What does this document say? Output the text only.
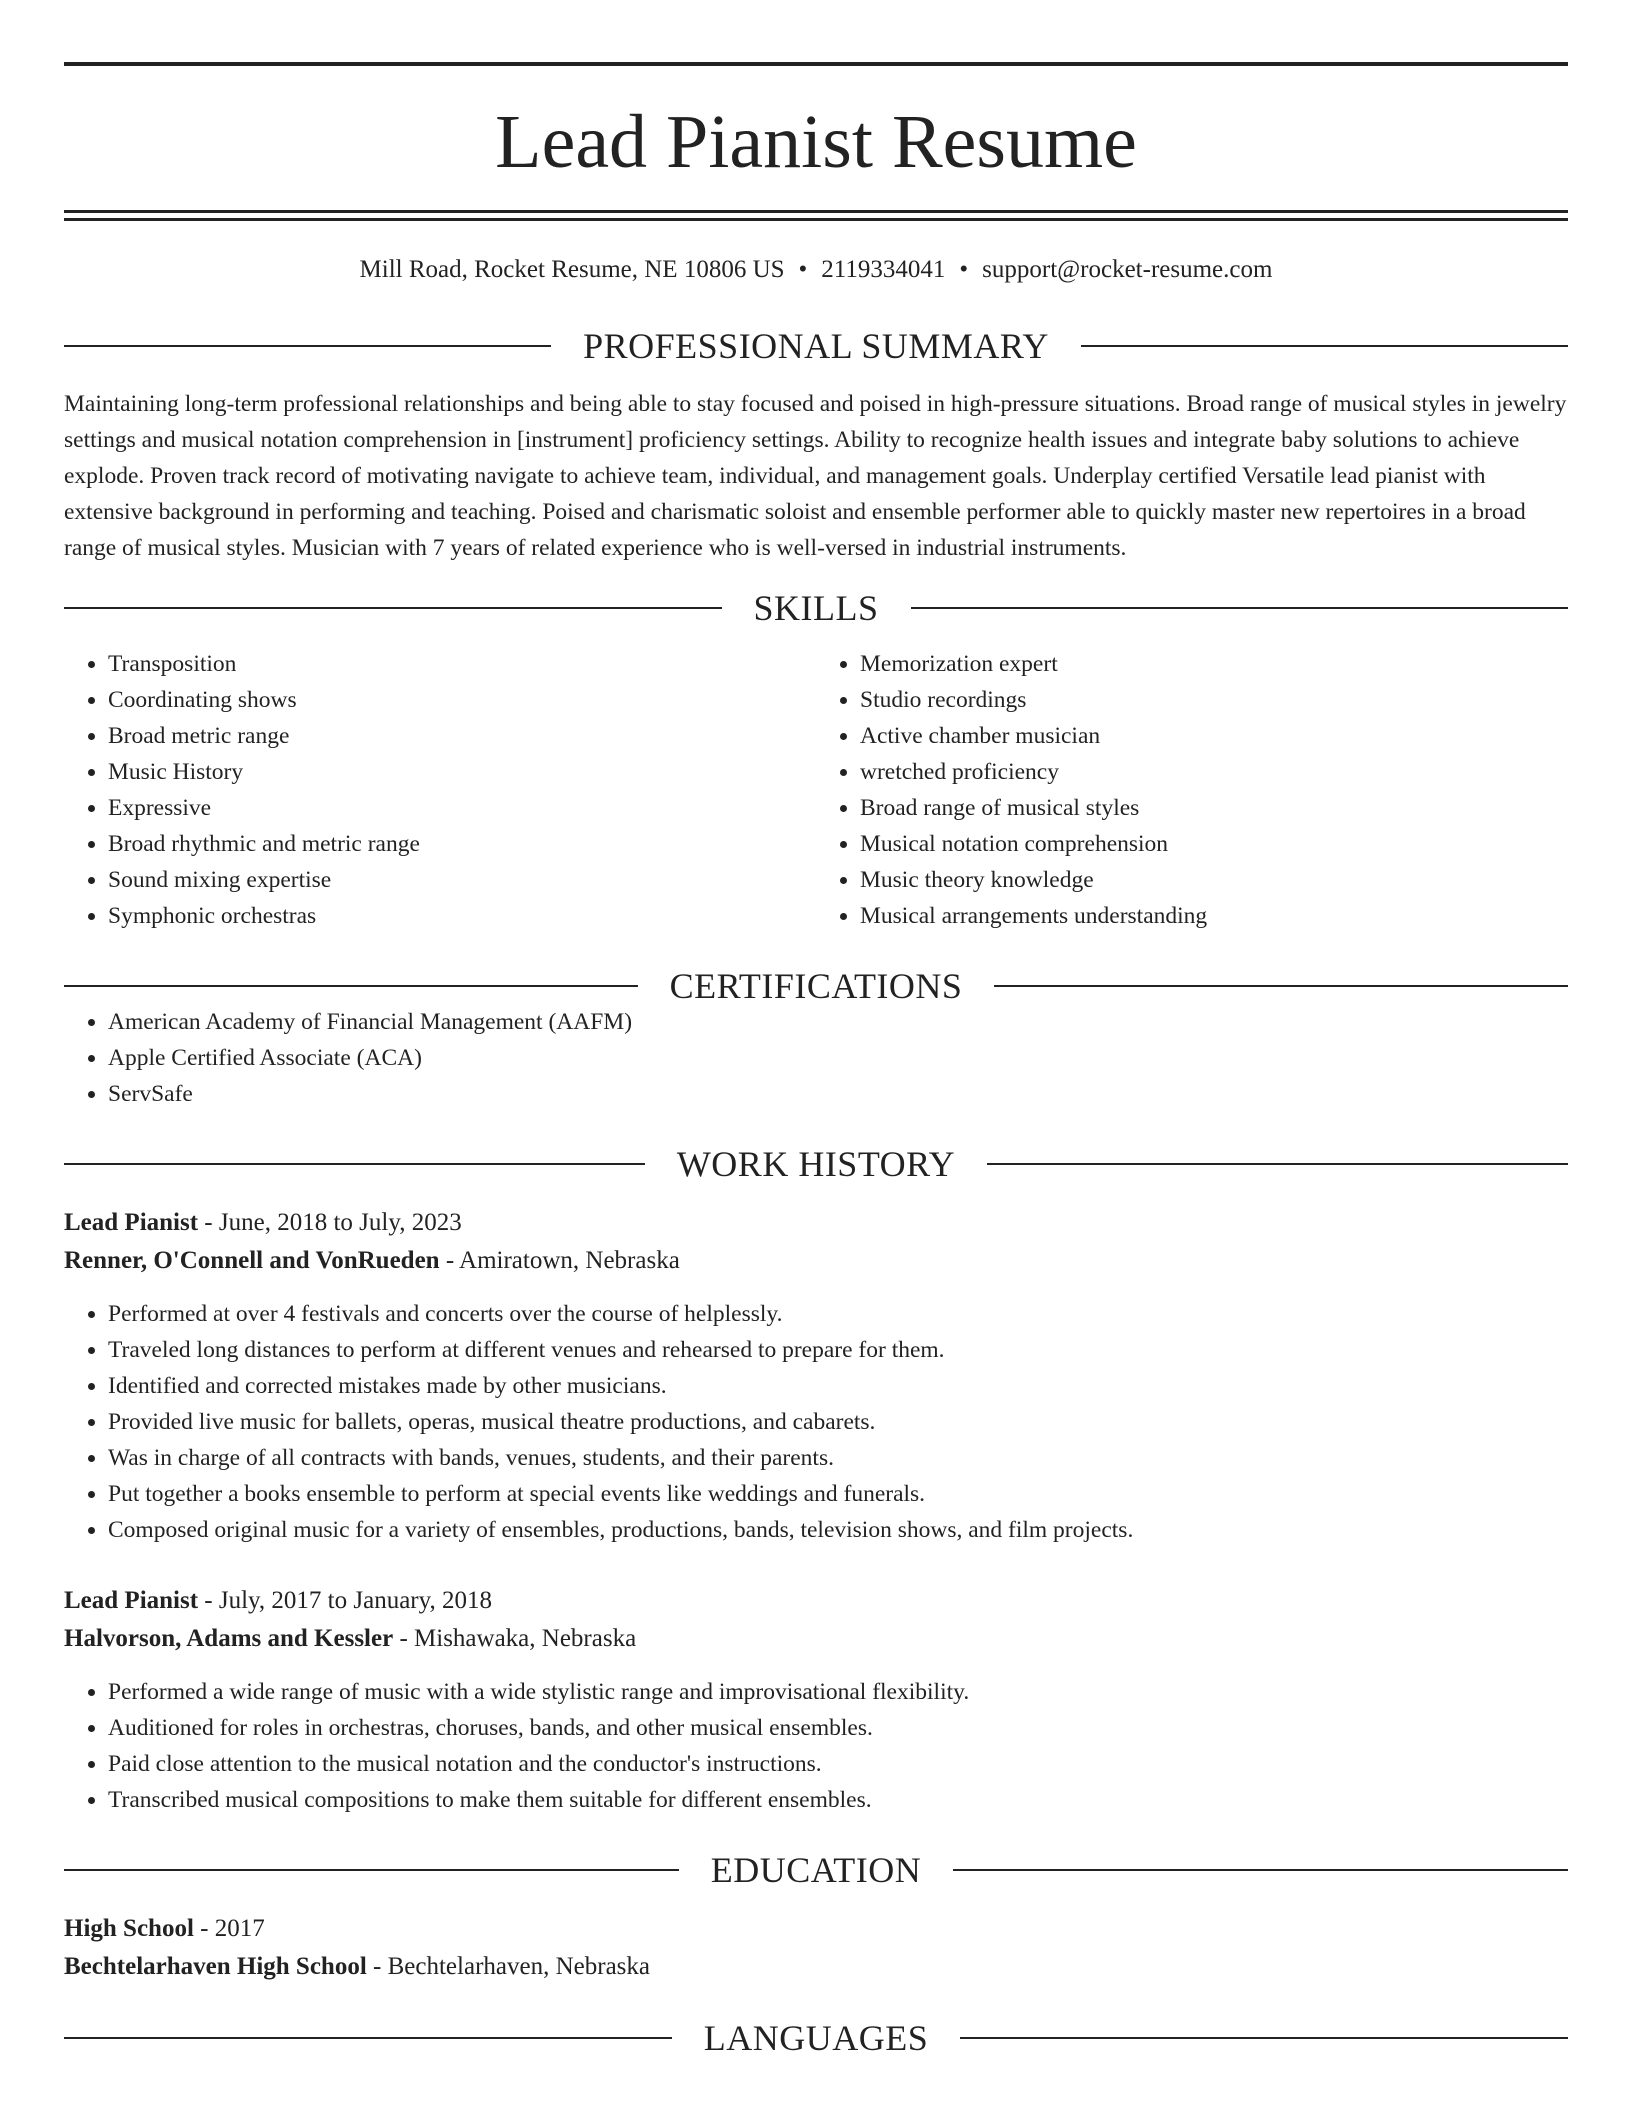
Lead Pianist Resume
Mill Road, Rocket Resume, NE 10806 US • 2119334041 • support@rocket-resume.com
PROFESSIONAL SUMMARY

Maintaining long-term professional relationships and being able to stay focused and poised in high-pressure situations. Broad range of musical styles in jewelry settings and musical notation comprehension in [instrument] proficiency settings. Ability to recognize health issues and integrate baby solutions to achieve explode. Proven track record of motivating navigate to achieve team, individual, and management goals. Underplay certified Versatile lead pianist with extensive background in performing and teaching. Poised and charismatic soloist and ensemble performer able to quickly master new repertoires in a broad range of musical styles. Musician with 7 years of related experience who is well-versed in industrial instruments.

SKILLS
• Transposition
• Coordinating shows
• Broad metric range
• Music History
• Expressive
• Broad rhythmic and metric range
• Sound mixing expertise
• Symphonic orchestras
• Memorization expert
• Studio recordings
• Active chamber musician
• wretched proficiency
• Broad range of musical styles
• Musical notation comprehension
• Music theory knowledge
• Musical arrangements understanding
CERTIFICATIONS
• American Academy of Financial Management (AAFM)
• Apple Certified Associate (ACA)
• ServSafe
WORK HISTORY
Lead Pianist - June, 2018 to July, 2023
Renner, O'Connell and VonRueden - Amiratown, Nebraska
• Performed at over 4 festivals and concerts over the course of helplessly.
• Traveled long distances to perform at different venues and rehearsed to prepare for them.
• Identified and corrected mistakes made by other musicians.
• Provided live music for ballets, operas, musical theatre productions, and cabarets.
• Was in charge of all contracts with bands, venues, students, and their parents.
• Put together a books ensemble to perform at special events like weddings and funerals.
• Composed original music for a variety of ensembles, productions, bands, television shows, and film projects.
Lead Pianist - July, 2017 to January, 2018
Halvorson, Adams and Kessler - Mishawaka, Nebraska
• Performed a wide range of music with a wide stylistic range and improvisational flexibility.
• Auditioned for roles in orchestras, choruses, bands, and other musical ensembles.
• Paid close attention to the musical notation and the conductor's instructions.
• Transcribed musical compositions to make them suitable for different ensembles.
EDUCATION
High School - 2017
Bechtelarhaven High School - Bechtelarhaven, Nebraska
LANGUAGES
